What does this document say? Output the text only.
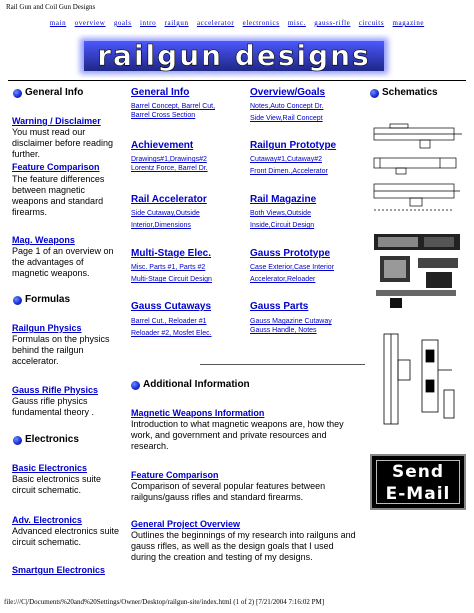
Rail Gun and Coil Gun Designs
main overview goals intro railgun accelerator electronics misc. gauss-rifle circuits magazine
railgun designs
General Info
Warning / Disclaimer
You must read our
disclaimer before reading
further.
Feature Comparison
The feature differences
between magnetic
weapons and standard
firearms.
Mag. Weapons
Page 1 of an overview on
the advantages of
magnetic weapons.
Formulas
Railgun Physics
Formulas on the physics
behind the railgun
accelerator.
Gauss Rifle Physics
Gauss rifle physics
fundamental theory .
Electronics
Basic Electronics
Basic electronics suite
circuit schematic.
Adv. Electronics
Advanced electronics suite
circuit schematic.
Smartgun Electronics
General Info
Barrel Concept, Barrel Cut,
Barrel Cross Section
Achievement
Drawings#1,Drawings#2
Lorentz Force, Barrel Dr.
Rail Accelerator
Side Cutaway,Outside
Interior,Dimensions
Multi-Stage Elec.
Misc. Parts #1, Parts #2
Multi-Stage Circuit Design
Gauss Cutaways
Barrel Cut., Reloader #1
Reloader #2, Mosfet Elec.
Overview/Goals
Notes,Auto Concept Dr.
Side View,Rail Concept
Railgun Prototype
Cutaway#1,Cutaway#2
Front Dimen.,Accelerator
Rail Magazine
Both Views,Outside
Inside,Circuit Design
Gauss Prototype
Case Exterior,Case Interior
Accelerator,Reloader
Gauss Parts
Gauss Magazine Cutaway
Gauss Handle, Notes
Additional Information
Magnetic Weapons Information
Introduction to what magnetic weapons are, how they
work, and government and private resources and
research.
Feature Comparison
Comparison of several popular features between
railguns/gauss rifles and standard firearms.
General Project Overview
Outlines the beginnings of my research into railguns and
gauss rifles, as well as the design goals that I used
during the creation and testing of my designs.
Schematics
Send
E-Mail
file:///C|/Documents%20and%20Settings/Owner/Desktop/railgun-site/index.html (1 of 2) [7/21/2004 7:16:02 PM]
